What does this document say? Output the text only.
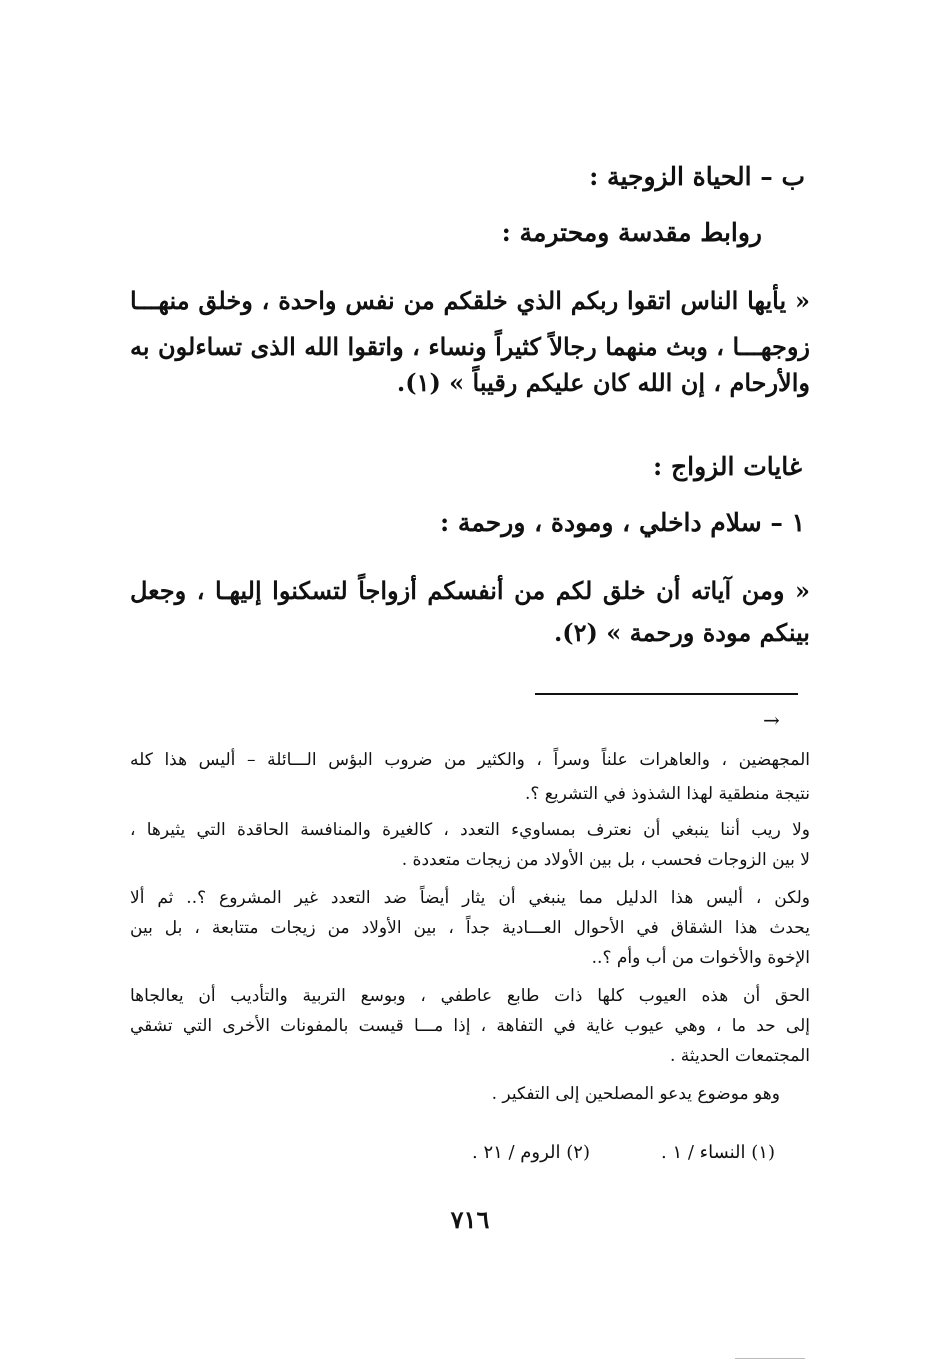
ب – الحياة الزوجية :
روابط مقدسة ومحترمة :
« يأيها الناس اتقوا ربكم الذي خلقكم من نفس واحدة ، وخلق منهـــا
زوجهـــا ، وبث منهما رجالاً كثيراً ونساء ، واتقوا الله الذى تساءلون به
والأرحام ، إن الله كان عليكم رقيباً » (١).
غايات الزواج :
١ – سلام داخلي ، ومودة ، ورحمة :
« ومن آياته أن خلق لكم من أنفسكم أزواجاً لتسكنوا إليهـا ، وجعل
بينكم مودة ورحمة » (٢).
→
المجهضين ، والعاهرات علناً وسراً ، والكثير من ضروب البؤس الـــائلة – أليس هذا كله
نتيجة منطقية لهذا الشذوذ في التشريع ؟.
ولا ريب أننا ينبغي أن نعترف بمساويء التعدد ، كالغيرة والمنافسة الحاقدة التي يثيرها ،
لا بين الزوجات فحسب ، بل بين الأولاد من زيجات متعددة .
ولكن ، أليس هذا الدليل مما ينبغي أن يثار أيضاً ضد التعدد غير المشروع ؟.. ثم ألا
يحدث هذا الشقاق في الأحوال العـــادية جداً ، بين الأولاد من زيجات متتابعة ، بل بين
الإخوة والأخوات من أب وأم ؟..
الحق أن هذه العيوب كلها ذات طابع عاطفي ، وبوسع التربية والتأديب أن يعالجاها
إلى حد ما ، وهي عيوب غاية في التفاهة ، إذا مـــا قيست بالمفونات الأخرى التي تشقي
المجتمعات الحديثة .
وهو موضوع يدعو المصلحين إلى التفكير .
(١) النساء / ١ .
(٢) الروم / ٢١ .
٧١٦
